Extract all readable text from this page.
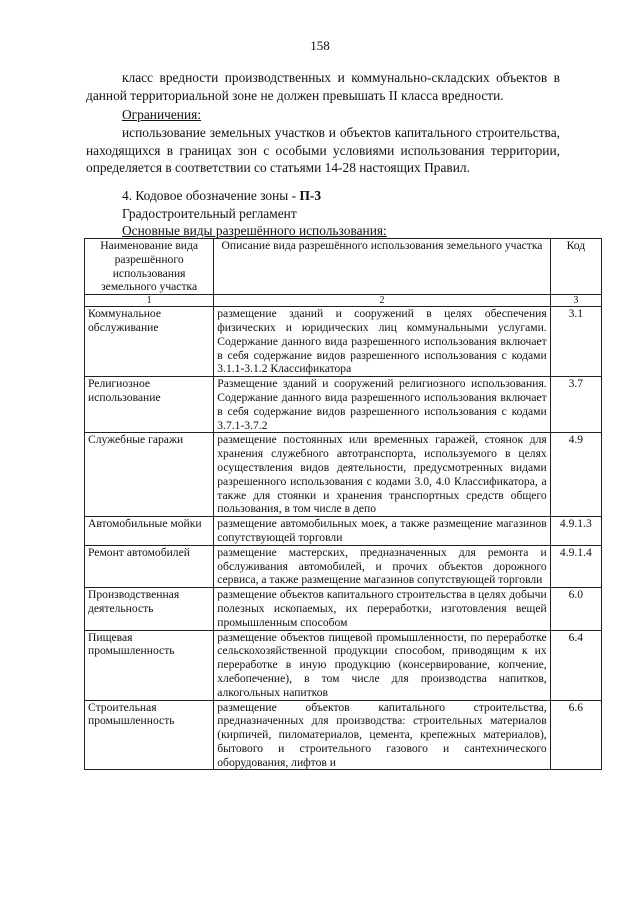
158
класс вредности производственных и коммунально-складских объектов в данной территориальной зоне не должен превышать II класса вредности.
Ограничения:
использование земельных участков и объектов капитального строительства, находящихся в границах зон с особыми условиями использования территории, определяется в соответствии со статьями 14-28 настоящих Правил.
4. Кодовое обозначение зоны - П-3
Градостроительный регламент
Основные виды разрешённого использования:
Наименование вида разрешённого использования земельного участка	Описание вида разрешённого использования земельного участка	Код
1	2	3
Коммунальное обслуживание	размещение зданий и сооружений в целях обеспечения физических и юридических лиц коммунальными услугами. Содержание данного вида разрешенного использования включает в себя содержание видов разрешенного использования с кодами 3.1.1-3.1.2 Классификатора	3.1
Религиозное использование	Размещение зданий и сооружений религиозного использования. Содержание данного вида разрешенного использования включает в себя содержание видов разрешенного использования с кодами 3.7.1-3.7.2	3.7
Служебные гаражи	размещение постоянных или временных гаражей, стоянок для хранения служебного автотранспорта, используемого в целях осуществления видов деятельности, предусмотренных видами разрешенного использования с кодами 3.0, 4.0 Классификатора, а также для стоянки и хранения транспортных средств общего пользования, в том числе в депо	4.9
Автомобильные мойки	размещение автомобильных моек, а также размещение магазинов сопутствующей торговли	4.9.1.3
Ремонт автомобилей	размещение мастерских, предназначенных для ремонта и обслуживания автомобилей, и прочих объектов дорожного сервиса, а также размещение магазинов сопутствующей торговли	4.9.1.4
Производственная деятельность	размещение объектов капитального строительства в целях добычи полезных ископаемых, их переработки, изготовления вещей промышленным способом	6.0
Пищевая промышленность	размещение объектов пищевой промышленности, по переработке сельскохозяйственной продукции способом, приводящим к их переработке в иную продукцию (консервирование, копчение, хлебопечение), в том числе для производства напитков, алкогольных напитков	6.4
Строительная промышленность	размещение объектов капитального строительства, предназначенных для производства: строительных материалов (кирпичей, пиломатериалов, цемента, крепежных материалов), бытового и строительного газового и сантехнического оборудования, лифтов и	6.6
